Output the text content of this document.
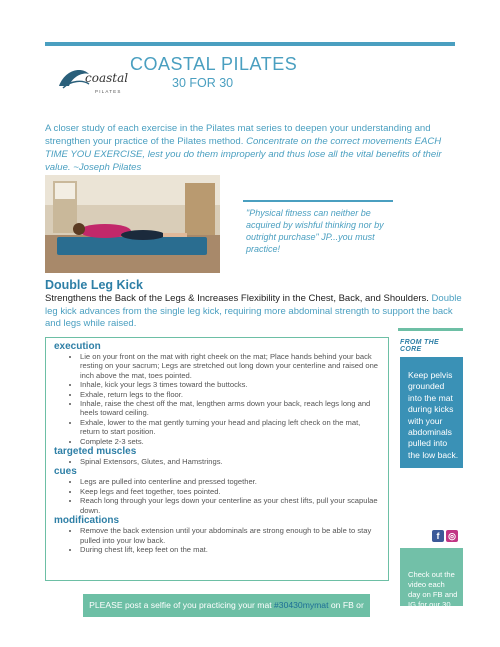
coastal
PILATES
COASTAL PILATES
30 FOR 30
A closer study of each exercise in the Pilates mat series to deepen your understanding and strengthen your practice of the Pilates method. Concentrate on the correct movements EACH TIME YOU EXERCISE, lest you do them improperly and thus lose all the vital benefits of their value. ~Joseph Pilates
"Physical fitness can neither be acquired by wishful thinking nor by outright purchase" JP...you must practice!
Double Leg Kick
Strengthens the Back of the Legs & Increases Flexibility in the Chest, Back, and Shoulders. Double leg kick advances from the single leg kick, requiring more abdominal strength to support the back and legs while raised.

execution

• Lie on your front on the mat with right cheek on the mat; Place hands behind your back resting on your sacrum; Legs are stretched out long down your centerline and raised one inch above the mat, toes pointed.
• Inhale, kick your legs 3 times toward the buttocks.
• Exhale, return legs to the floor.
• Inhale, raise the chest off the mat, lengthen arms down your back, reach legs long and heels toward ceiling.
• Exhale, lower to the mat gently turning your head and placing left check on the mat, return to start position.
• Complete 2-3 sets.

targeted muscles

• Spinal Extensors, Glutes, and Hamstrings.

cues

• Legs are pulled into centerline and pressed together.
• Keep legs and feet together, toes pointed.
• Reach long through your legs down your centerline as your chest lifts, pull your scapulae down.

modifications

• Remove the back extension until your abdominals are strong enough to be able to stay pulled into your low back.
• During chest lift, keep feet on the mat.
FROM THE CORE
Keep pelvis grounded into the mat during kicks with your abdominals pulled into the low back.
f ◎
Check out the video each day on FB and IG for our 30 for 30!
PLEASE post a selfie of you practicing your mat #30430mymat on FB or IG.
